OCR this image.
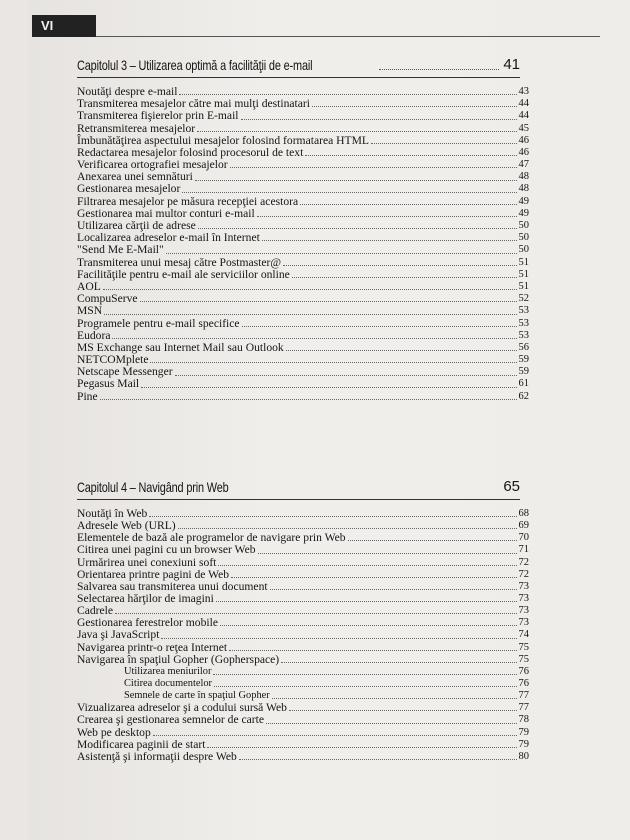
VI
Capitolul 3 – Utilizarea optimă a facilităţii de e-mail	41
Noutăţi despre e-mail	43
Transmiterea mesajelor către mai mulţi destinatari	44
Transmiterea fişierelor prin E-mail	44
Retransmiterea mesajelor	45
Îmbunătăţirea aspectului mesajelor folosind formatarea HTML	46
Redactarea mesajelor folosind procesorul de text	46
Verificarea ortografiei mesajelor	47
Anexarea unei semnături	48
Gestionarea mesajelor	48
Filtrarea mesajelor pe măsura recepţiei acestora	49
Gestionarea mai multor conturi e-mail	49
Utilizarea cărţii de adrese	50
Localizarea adreselor e-mail în Internet	50
"Send Me E-Mail"	50
Transmiterea unui mesaj către Postmaster@	51
Facilităţile pentru e-mail ale serviciilor online	51
AOL	51
CompuServe	52
MSN	53
Programele pentru e-mail specifice	53
Eudora	53
MS Exchange sau Internet Mail sau Outlook	56
NETCOMplete	59
Netscape Messenger	59
Pegasus Mail	61
Pine	62
Capitolul 4 – Navigând prin Web	65
Noutăţi în Web	68
Adresele Web (URL)	69
Elementele de bază ale programelor de navigare prin Web	70
Citirea unei pagini cu un browser Web	71
Urmărirea unei conexiuni soft	72
Orientarea printre pagini de Web	72
Salvarea sau transmiterea unui document	73
Selectarea hărţilor de imagini	73
Cadrele	73
Gestionarea ferestrelor mobile	73
Java şi JavaScript	74
Navigarea printr-o reţea Internet	75
Navigarea în spaţiul Gopher (Gopherspace)	75
Utilizarea meniurilor	76
Citirea documentelor	76
Semnele de carte în spaţiul Gopher	77
Vizualizarea adreselor şi a codului sursă Web	77
Crearea şi gestionarea semnelor de carte	78
Web pe desktop	79
Modificarea paginii de start	79
Asistenţă şi informaţii despre Web	80
